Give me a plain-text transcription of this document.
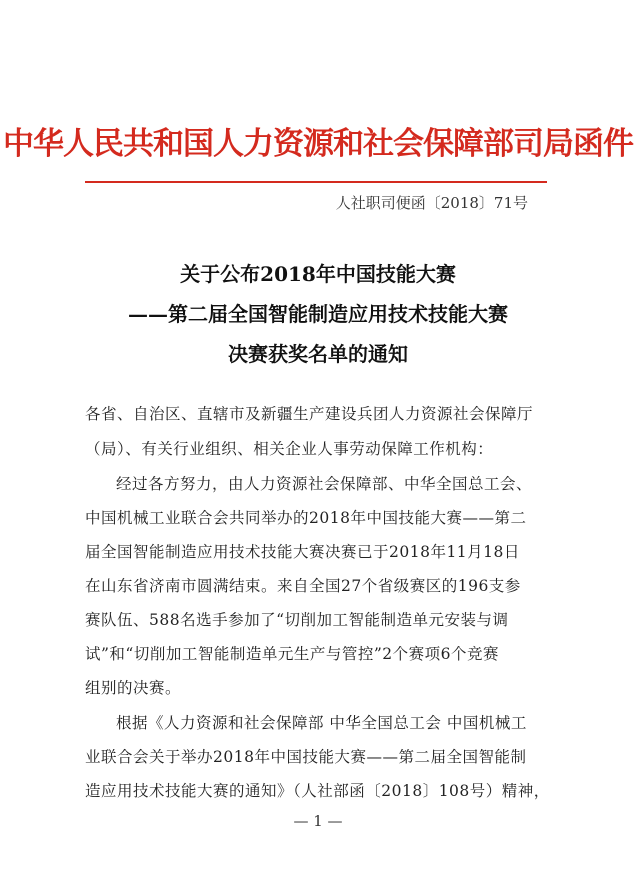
中华人民共和国人力资源和社会保障部司局函件
人社职司便函〔2018〕71号
关于公布2018年中国技能大赛
——第二届全国智能制造应用技术技能大赛
决赛获奖名单的通知
各省、自治区、直辖市及新疆生产建设兵团人力资源社会保障厅
（局）、有关行业组织、相关企业人事劳动保障工作机构：
经过各方努力，由人力资源社会保障部、中华全国总工会、
中国机械工业联合会共同举办的2018年中国技能大赛——第二
届全国智能制造应用技术技能大赛决赛已于2018年11月18日
在山东省济南市圆满结束。来自全国27个省级赛区的196支参
赛队伍、588名选手参加了“切削加工智能制造单元安装与调
试”和“切削加工智能制造单元生产与管控”2个赛项6个竞赛
组别的决赛。
根据《人力资源和社会保障部 中华全国总工会 中国机械工
业联合会关于举办2018年中国技能大赛——第二届全国智能制
造应用技术技能大赛的通知》（人社部函〔2018〕108号）精神，
— 1 —
